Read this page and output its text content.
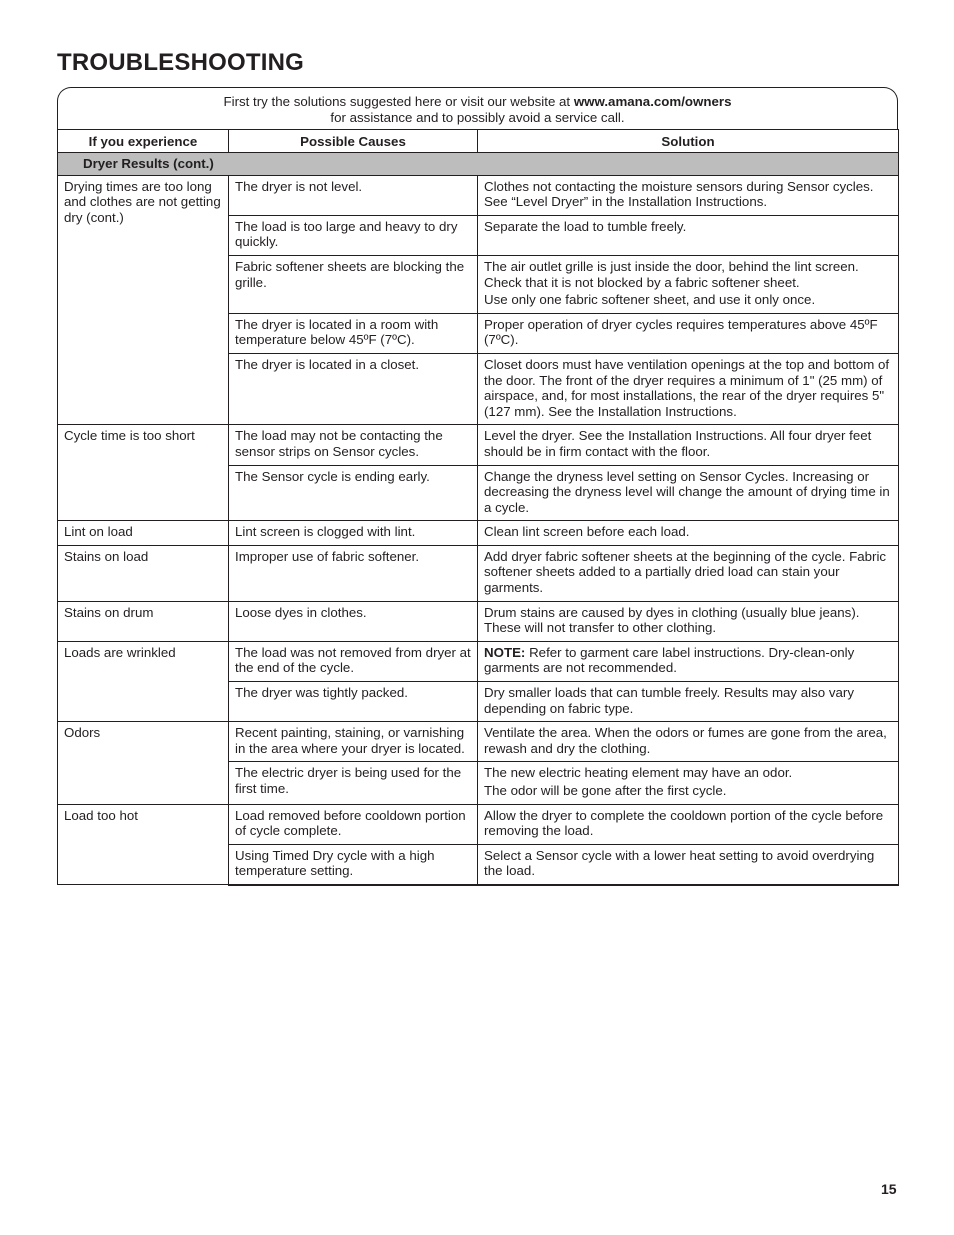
TROUBLESHOOTING
First try the solutions suggested here or visit our website at www.amana.com/owners
for assistance and to possibly avoid a service call.
If you experience	Possible Causes	Solution
Dryer Results (cont.)		
Drying times are too long and clothes are not getting dry (cont.)	The dryer is not level.	Clothes not contacting the moisture sensors during Sensor cycles. See “Level Dryer” in the Installation Instructions.

	The load is too large and heavy to dry quickly.	Separate the load to tumble freely.

	Fabric softener sheets are blocking the grille.	The air outlet grille is just inside the door, behind the lint screen. Check that it is not blocked by a fabric softener sheet.
Use only one fabric softener sheet, and use it only once.

	The dryer is located in a room with temperature below 45ºF (7ºC).	Proper operation of dryer cycles requires temperatures above 45ºF (7ºC).

	The dryer is located in a closet.	Closet doors must have ventilation openings at the top and bottom of the door. The front of the dryer requires a minimum of 1" (25 mm) of airspace, and, for most installations, the rear of the dryer requires 5" (127 mm). See the Installation Instructions.

Cycle time is too short	The load may not be contacting the sensor strips on Sensor cycles.	Level the dryer. See the Installation Instructions. All four dryer feet should be in firm contact with the floor.

	The Sensor cycle is ending early.	Change the dryness level setting on Sensor Cycles. Increasing or decreasing the dryness level will change the amount of drying time in a cycle.

Lint on load	Lint screen is clogged with lint.	Clean lint screen before each load.

Stains on load	Improper use of fabric softener.	Add dryer fabric softener sheets at the beginning of the cycle. Fabric softener sheets added to a partially dried load can stain your garments.

Stains on drum	Loose dyes in clothes.	Drum stains are caused by dyes in clothing (usually blue jeans). These will not transfer to other clothing.

Loads are wrinkled	The load was not removed from dryer at the end of the cycle.	NOTE: Refer to garment care label instructions. Dry-clean-only garments are not recommended.

	The dryer was tightly packed.	Dry smaller loads that can tumble freely. Results may also vary depending on fabric type.

Odors	Recent painting, staining, or varnishing in the area where your dryer is located.	Ventilate the area. When the odors or fumes are gone from the area, rewash and dry the clothing.

	The electric dryer is being used for the first time.	The new electric heating element may have an odor.
The odor will be gone after the first cycle.

Load too hot	Load removed before cooldown portion of cycle complete.	Allow the dryer to complete the cooldown portion of the cycle before removing the load.

	Using Timed Dry cycle with a high temperature setting.	Select a Sensor cycle with a lower heat setting to avoid overdrying the load.
15
